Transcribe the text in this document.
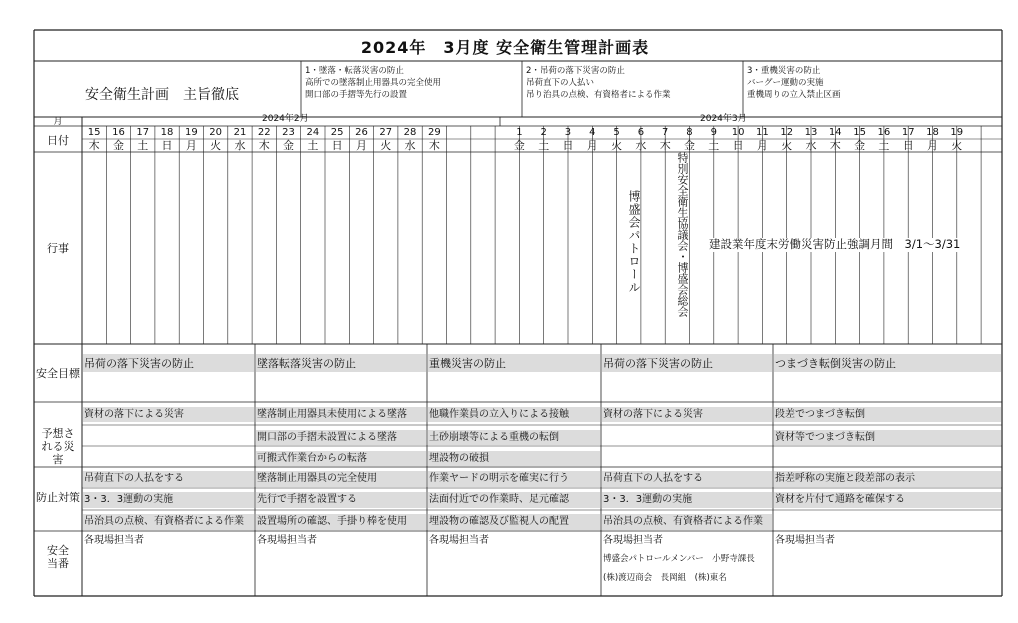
2024年　3月度 安全衛生管理計画表
安全衛生計画　主旨徹底
1・墜落・転落災害の防止
高所での墜落制止用器具の完全使用
開口部の手摺等先行の設置
2・吊荷の落下災害の防止
吊荷直下の人払い
吊り治具の点検、有資格者による作業
3・重機災害の防止
バーグー運動の実施
重機周りの立入禁止区画
月
日付
行事
安全目標
予想される災害
防止対策
安全当番
15
木
16
金
17
土
18
日
19
月
20
火
21
水
22
木
23
金
24
土
25
日
26
月
27
火
28
水
29
木
1
金
2
土
3
日
4
月
5
火
6
水
7
木
8
金
9
土
10
日
11
月
12
火
13
水
14
木
15
金
16
土
17
日
18
月
19
火
2024年2月	2024年3月
博盛会パトロール	特別安全衛生協議会・博盛会総会 建設業年度末労働災害防止強調月間　3/1〜3/31
吊荷の落下災害の防止
資材の落下による災害
吊荷直下の人払をする
3・3．3運動の実施
吊治具の点検、有資格者による作業
各現場担当者
墜落転落災害の防止
墜落制止用器具未使用による墜落
開口部の手摺未設置による墜落
可搬式作業台からの転落
墜落制止用器具の完全使用
先行で手摺を設置する
設置場所の確認、手掛り棒を使用
各現場担当者
重機災害の防止
他職作業員の立入りによる接触
土砂崩壊等による重機の転倒
埋設物の破損
作業ヤードの明示を確実に行う
法面付近での作業時、足元確認
埋設物の確認及び監視人の配置
各現場担当者
吊荷の落下災害の防止
資材の落下による災害
吊荷直下の人払をする
3・3．3運動の実施
吊治具の点検、有資格者による作業
各現場担当者
博盛会パトロールメンバー　小野寺課長
(株)渡辺商会　長岡組　(株)東名
つまづき転倒災害の防止
段差でつまづき転倒
資材等でつまづき転倒
指差呼称の実施と段差部の表示
資材を片付て通路を確保する
各現場担当者
